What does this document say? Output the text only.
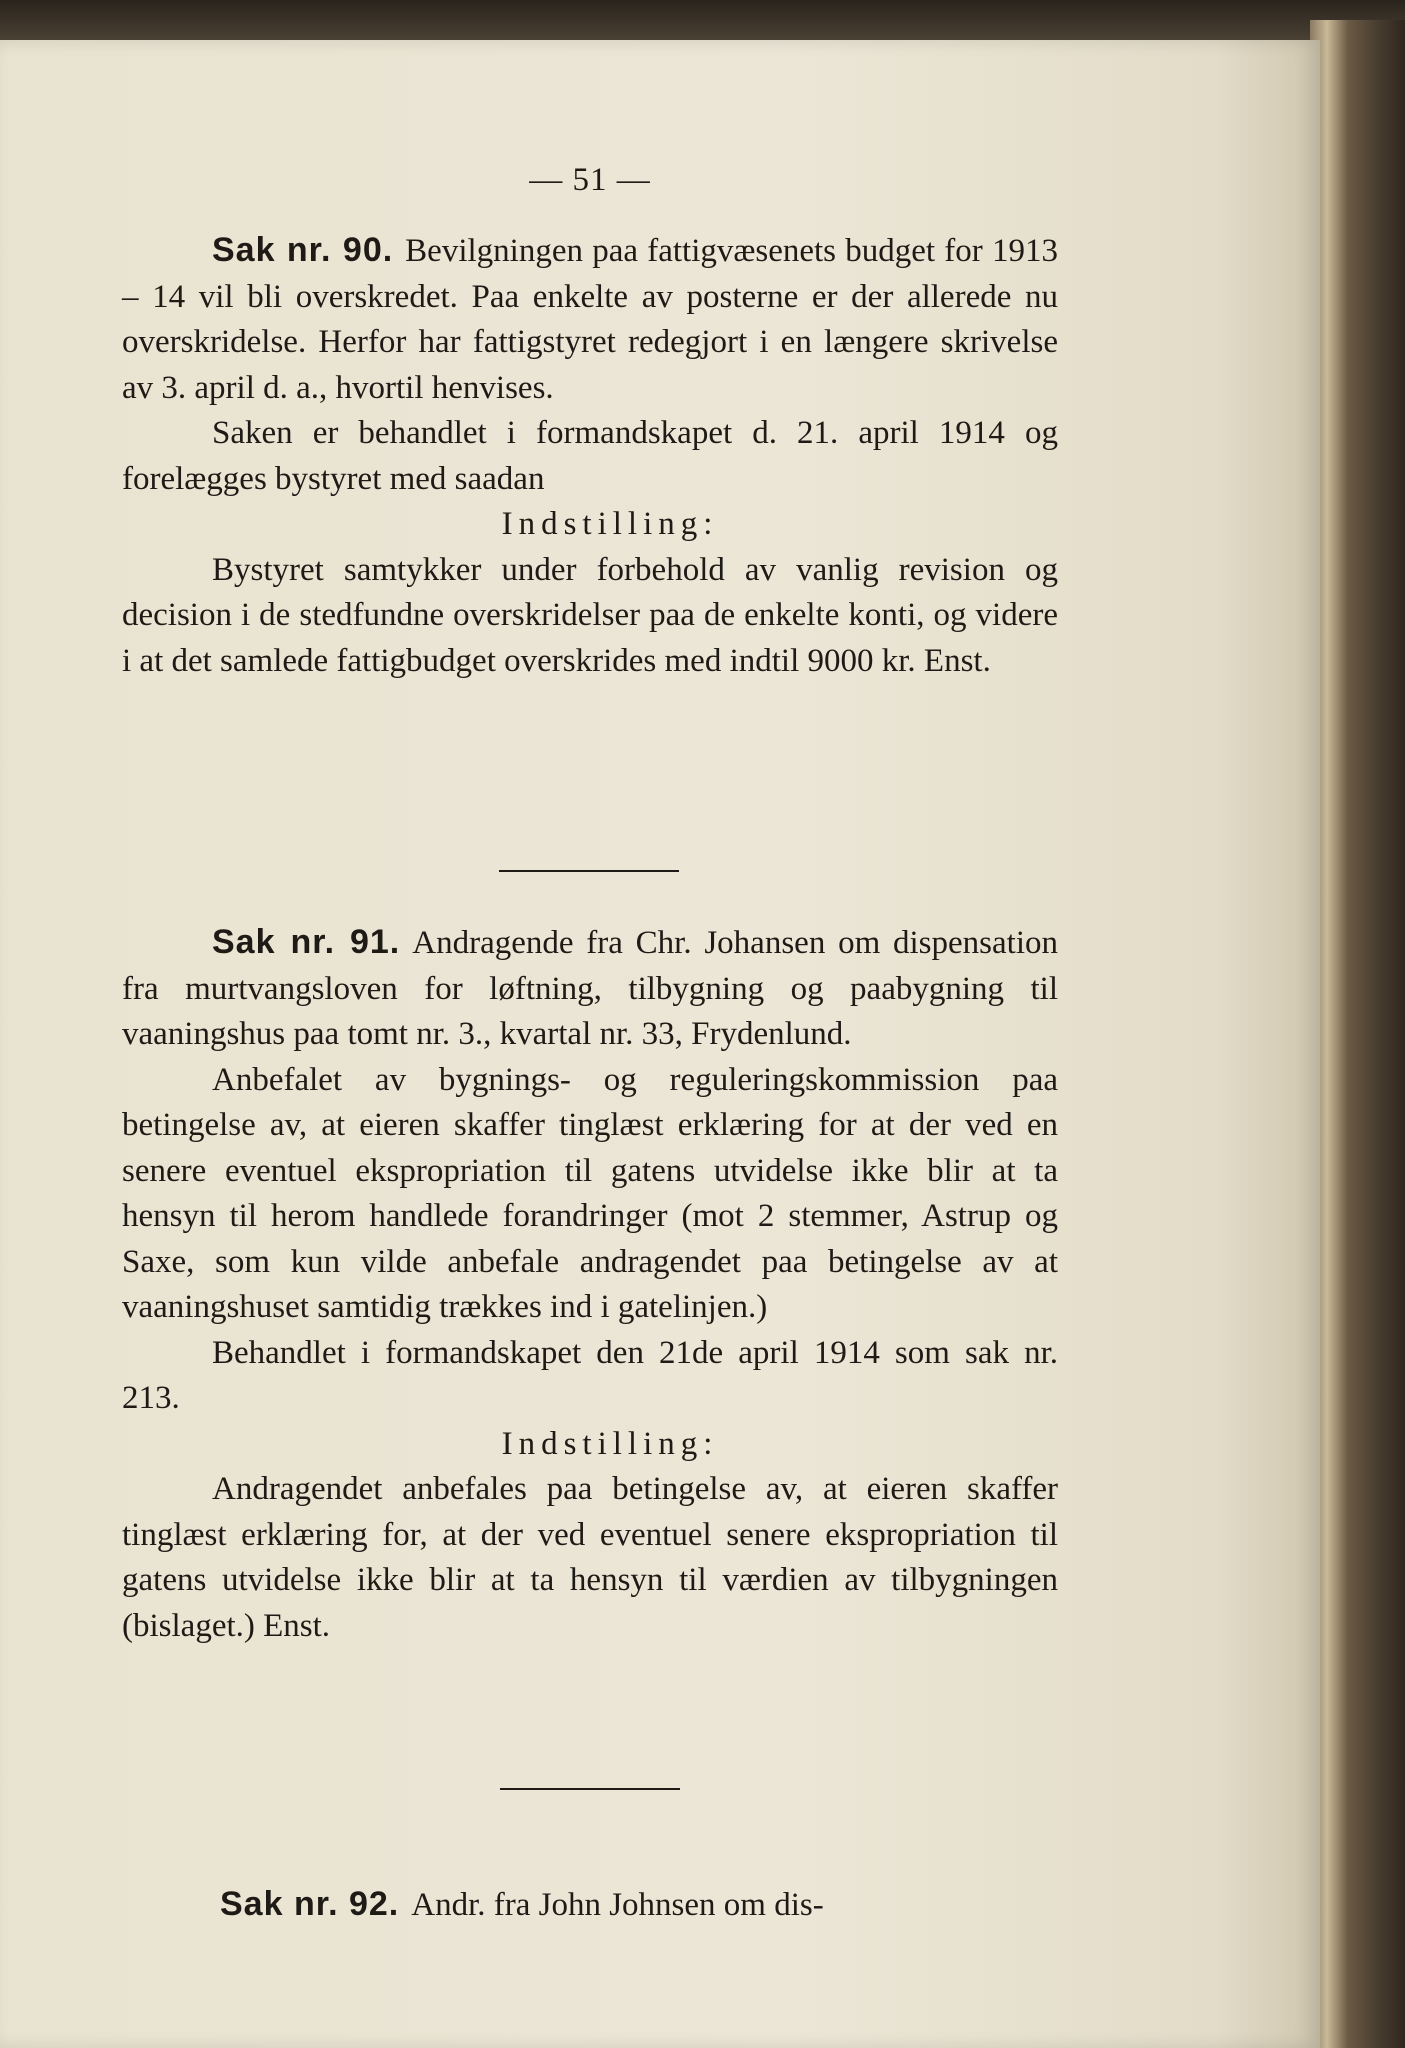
— 51 —

Sak nr. 90. Bevilgningen paa fattigvæsenets budget for 1913 – 14 vil bli overskredet. Paa enkelte av posterne er der allerede nu overskridelse. Herfor har fattigstyret redegjort i en længere skrivelse av 3. april d. a., hvortil henvises.

Saken er behandlet i formandskapet d. 21. april 1914 og forelægges bystyret med saadan

Indstilling:

Bystyret samtykker under forbehold av vanlig revision og decision i de stedfundne overskridelser paa de enkelte konti, og videre i at det samlede fattigbudget overskrides med indtil 9000 kr. Enst.

Sak nr. 91. Andragende fra Chr. Johansen om dispensation fra murtvangsloven for løftning, tilbygning og paabygning til vaaningshus paa tomt nr. 3., kvartal nr. 33, Frydenlund.

Anbefalet av bygnings- og reguleringskommission paa betingelse av, at eieren skaffer tinglæst erklæring for at der ved en senere eventuel ekspropriation til gatens utvidelse ikke blir at ta hensyn til herom handlede forandringer (mot 2 stemmer, Astrup og Saxe, som kun vilde anbefale andragendet paa betingelse av at vaaningshuset samtidig trækkes ind i gatelinjen.)

Behandlet i formandskapet den 21de april 1914 som sak nr. 213.

Indstilling:

Andragendet anbefales paa betingelse av, at eieren skaffer tinglæst erklæring for, at der ved eventuel senere ekspropriation til gatens utvidelse ikke blir at ta hensyn til værdien av tilbygningen (bislaget.) Enst.

Sak nr. 92. Andr. fra John Johnsen om dis-
